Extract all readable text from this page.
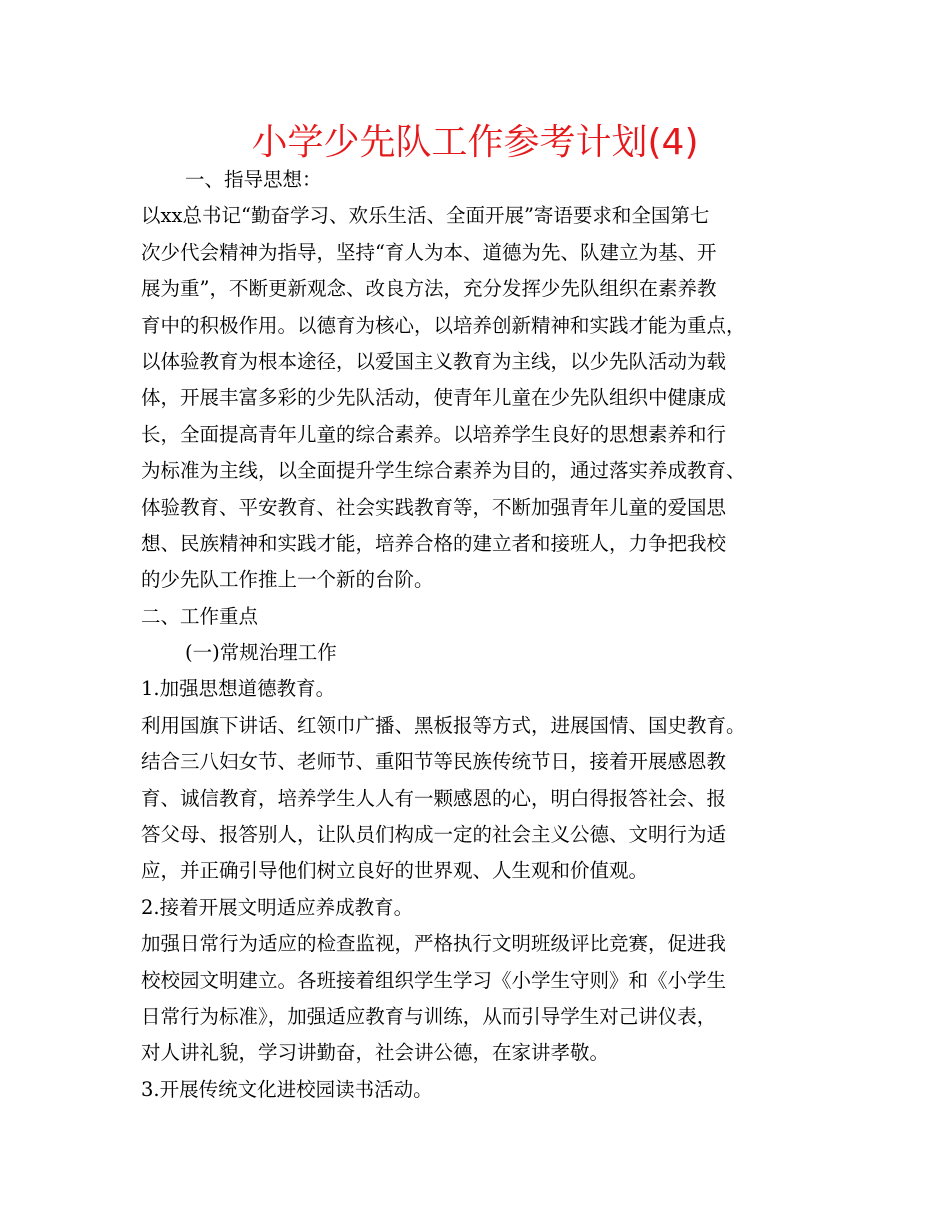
小学少先队工作参考计划(4)
一、指导思想：
以xx总书记“勤奋学习、欢乐生活、全面开展”寄语要求和全国第七
次少代会精神为指导，坚持“育人为本、道德为先、队建立为基、开
展为重”，不断更新观念、改良方法，充分发挥少先队组织在素养教
育中的积极作用。以德育为核心，以培养创新精神和实践才能为重点，
以体验教育为根本途径，以爱国主义教育为主线，以少先队活动为载
体，开展丰富多彩的少先队活动，使青年儿童在少先队组织中健康成
长，全面提高青年儿童的综合素养。以培养学生良好的思想素养和行
为标准为主线，以全面提升学生综合素养为目的，通过落实养成教育、
体验教育、平安教育、社会实践教育等，不断加强青年儿童的爱国思
想、民族精神和实践才能，培养合格的建立者和接班人，力争把我校
的少先队工作推上一个新的台阶。
二、工作重点
(一)常规治理工作
1.加强思想道德教育。
利用国旗下讲话、红领巾广播、黑板报等方式，进展国情、国史教育。
结合三八妇女节、老师节、重阳节等民族传统节日，接着开展感恩教
育、诚信教育，培养学生人人有一颗感恩的心，明白得报答社会、报
答父母、报答别人，让队员们构成一定的社会主义公德、文明行为适
应，并正确引导他们树立良好的世界观、人生观和价值观。
2.接着开展文明适应养成教育。
加强日常行为适应的检查监视，严格执行文明班级评比竞赛，促进我
校校园文明建立。各班接着组织学生学习《小学生守则》和《小学生
日常行为标准》，加强适应教育与训练，从而引导学生对己讲仪表，
对人讲礼貌，学习讲勤奋，社会讲公德，在家讲孝敬。
3.开展传统文化进校园读书活动。
